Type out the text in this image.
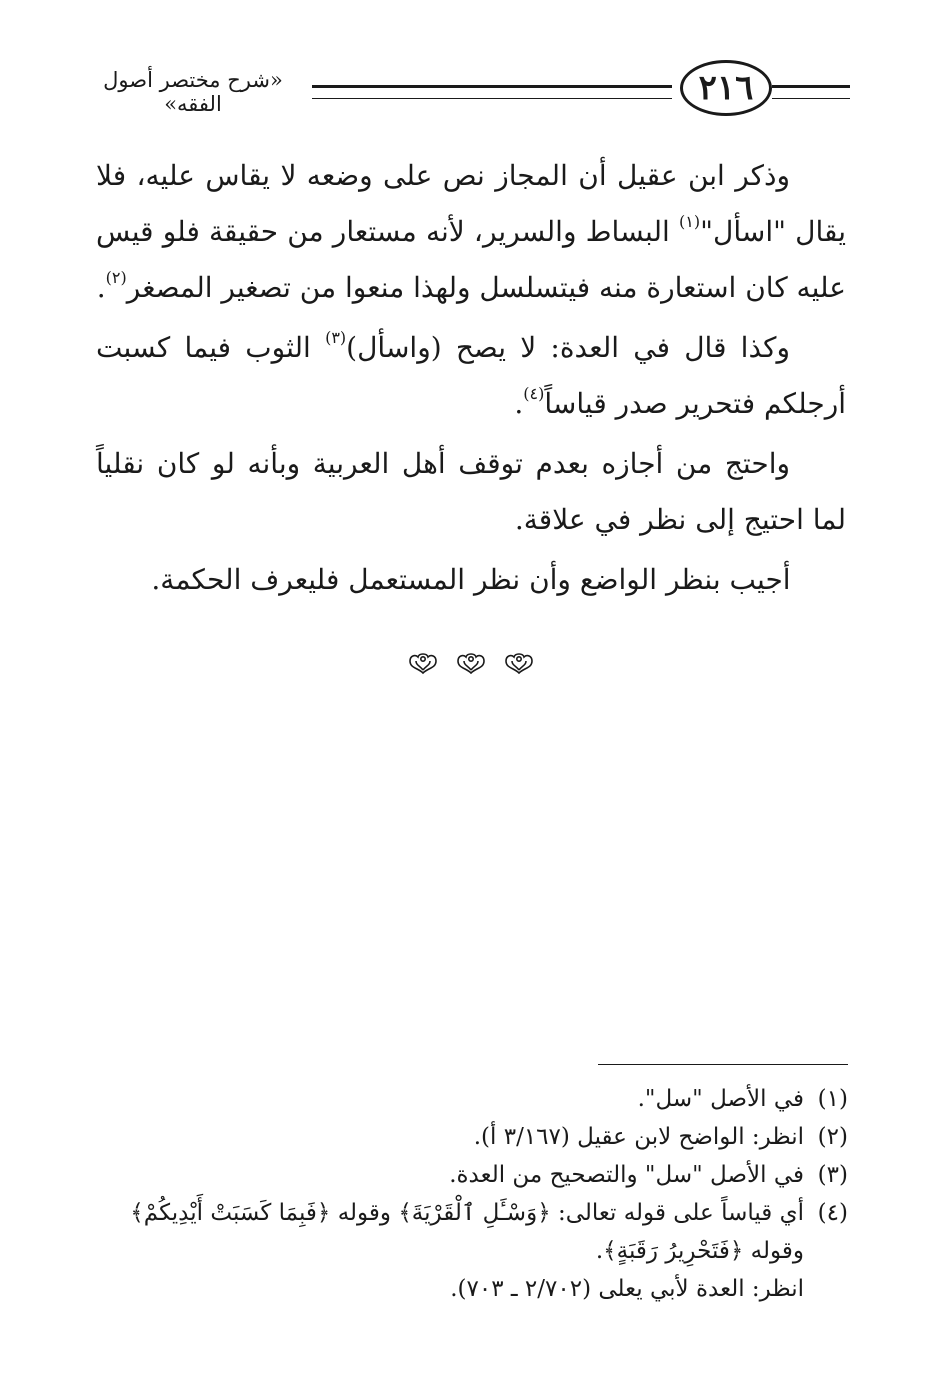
«شرح مختصر أصول الفقه»	٢١٦

وذكر ابن عقيل أن المجاز نص على وضعه لا يقاس عليه، فلا يقال "اسأل"$^{(١)}$ البساط والسرير، لأنه مستعار من حقيقة فلو قيس عليه كان استعارة منه فيتسلسل ولهذا منعوا من تصغير المصغر$^{(٢)}$.

وكذا قال في العدة: لا يصح (واسأل)$^{(٣)}$ الثوب فيما كسبت أرجلكم فتحرير صدر قياساً$^{(٤)}$.

واحتج من أجازه بعدم توقف أهل العربية وبأنه لو كان نقلياً لما احتيج إلى نظر في علاقة.

أجيب بنظر الواضع وأن نظر المستعمل فليعرف الحكمة.

(١)
في الأصل "سل".
(٢)
انظر: الواضح لابن عقيل (٣/١٦٧ أ).
(٣)
في الأصل "سل" والتصحيح من العدة.
(٤)
أي قياساً على قوله تعالى: ﴿وَسْـَٔلِ ٱلْقَرْيَةَ﴾ وقوله ﴿فَبِمَا كَسَبَتْ أَيْدِيكُمْ﴾ وقوله ﴿فَتَحْرِيرُ رَقَبَةٍ﴾.
انظر: العدة لأبي يعلى (٢/٧٠٢ ـ ٧٠٣).
